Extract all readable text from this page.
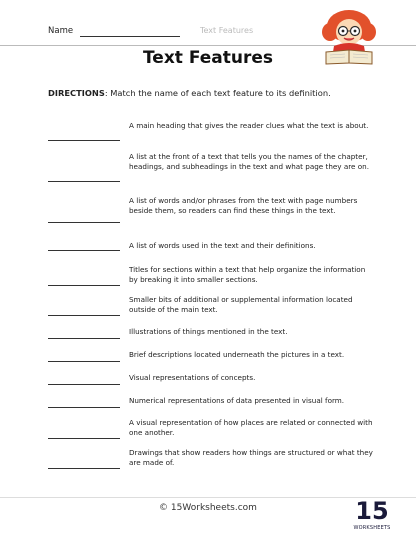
Name	Text Features
Text Features
DIRECTIONS: Match the name of each text feature to its definition.
A main heading that gives the reader clues what the text is about.
A list at the front of a text that tells you the names of the chapter, headings, and subheadings in the text and what page they are on.
A list of words and/or phrases from the text with page numbers beside them, so readers can find these things in the text.
A list of words used in the text and their definitions.
Titles for sections within a text that help organize the information by breaking it into smaller sections.
Smaller bits of additional or supplemental information located outside of the main text.
Illustrations of things mentioned in the text.
Brief descriptions located underneath the pictures in a text.
Visual representations of concepts.
Numerical representations of data presented in visual form.
A visual representation of how places are related or connected with one another.
Drawings that show readers how things are structured or what they are made of.
© 15Worksheets.com	15
WORKSHEETS
